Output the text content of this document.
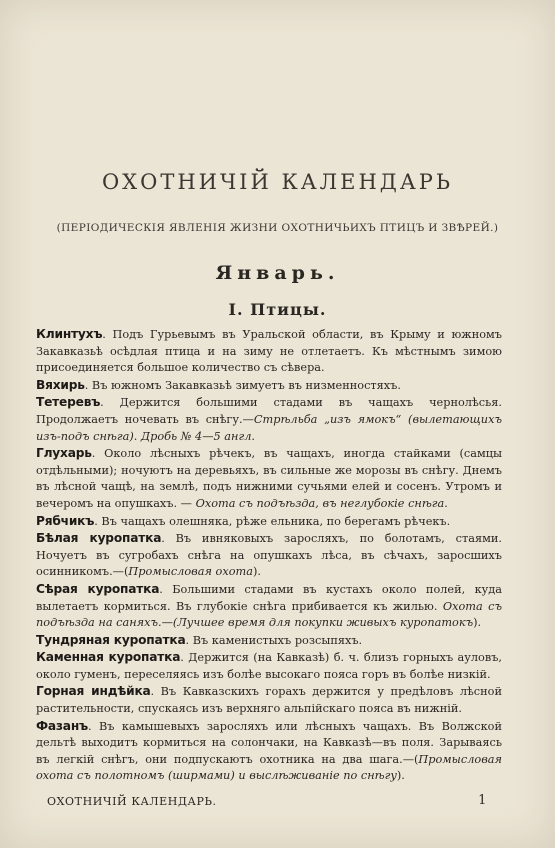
ОХОТНИЧІЙ КАЛЕНДАРЬ
(ПЕРІОДИЧЕСКІЯ ЯВЛЕНІЯ ЖИЗНИ ОХОТНИЧЬИХЪ ПТИЦЪ И ЗВѢРЕЙ.)
Январь.
I. Птицы.

Клинтухъ. Подъ Гурьевымъ въ Уральской области, въ Крыму и южномъ Закавказьѣ осѣдлая птица и на зиму не отлетаетъ. Къ мѣстнымъ зимою присоединяется большое количество съ сѣвера.

Вяхирь. Въ южномъ Закавказьѣ зимуетъ въ низменностяхъ.

Тетеревъ. Держится большими стадами въ чащахъ чернолѣсья. Продолжаетъ ночевать въ снѣгу.—Стрѣльба „изъ ямокъ“ (вылетающихъ изъ-подъ снѣга). Дробь № 4—5 англ.

Глухарь. Около лѣсныхъ рѣчекъ, въ чащахъ, иногда стайками (самцы отдѣльными); ночуютъ на деревьяхъ, въ сильные же морозы въ снѣгу. Днемъ въ лѣсной чащѣ, на землѣ, подъ нижними сучьями елей и сосенъ. Утромъ и вечеромъ на опушкахъ. — Охота съ подъѣзда, въ неглубокіе снѣга.

Рябчикъ. Въ чащахъ олешняка, рѣже ельника, по берегамъ рѣчекъ.

Бѣлая куропатка. Въ ивняковыхъ заросляхъ, по болотамъ, стаями. Ночуетъ въ сугробахъ снѣга на опушкахъ лѣса, въ сѣчахъ, заросшихъ осинникомъ.—(Промысловая охота).

Сѣрая куропатка. Большими стадами въ кустахъ около полей, куда вылетаетъ кормиться. Въ глубокіе снѣга прибивается къ жилью. Охота съ подъѣзда на саняхъ.—(Лучшее время для покупки живыхъ куропатокъ).

Тундряная куропатка. Въ каменистыхъ розсыпяхъ.

Каменная куропатка. Держится (на Кавказѣ) б. ч. близъ горныхъ ауловъ, около гуменъ, переселяясь изъ болѣе высокаго пояса горъ въ болѣе низкій.

Горная индѣйка. Въ Кавказскихъ горахъ держится у предѣловъ лѣсной растительности, спускаясь изъ верхняго альпійскаго пояса въ нижній.

Фазанъ. Въ камышевыхъ заросляхъ или лѣсныхъ чащахъ. Въ Волжской дельтѣ выходитъ кормиться на солончаки, на Кавказѣ—въ поля. Зарываясь въ легкій снѣгъ, они подпускаютъ охотника на два шага.—(Промысловая охота съ полотномъ (ширмами) и выслѣживаніе по снѣгу).

ОХОТНИЧІЙ КАЛЕНДАРЬ.	1
